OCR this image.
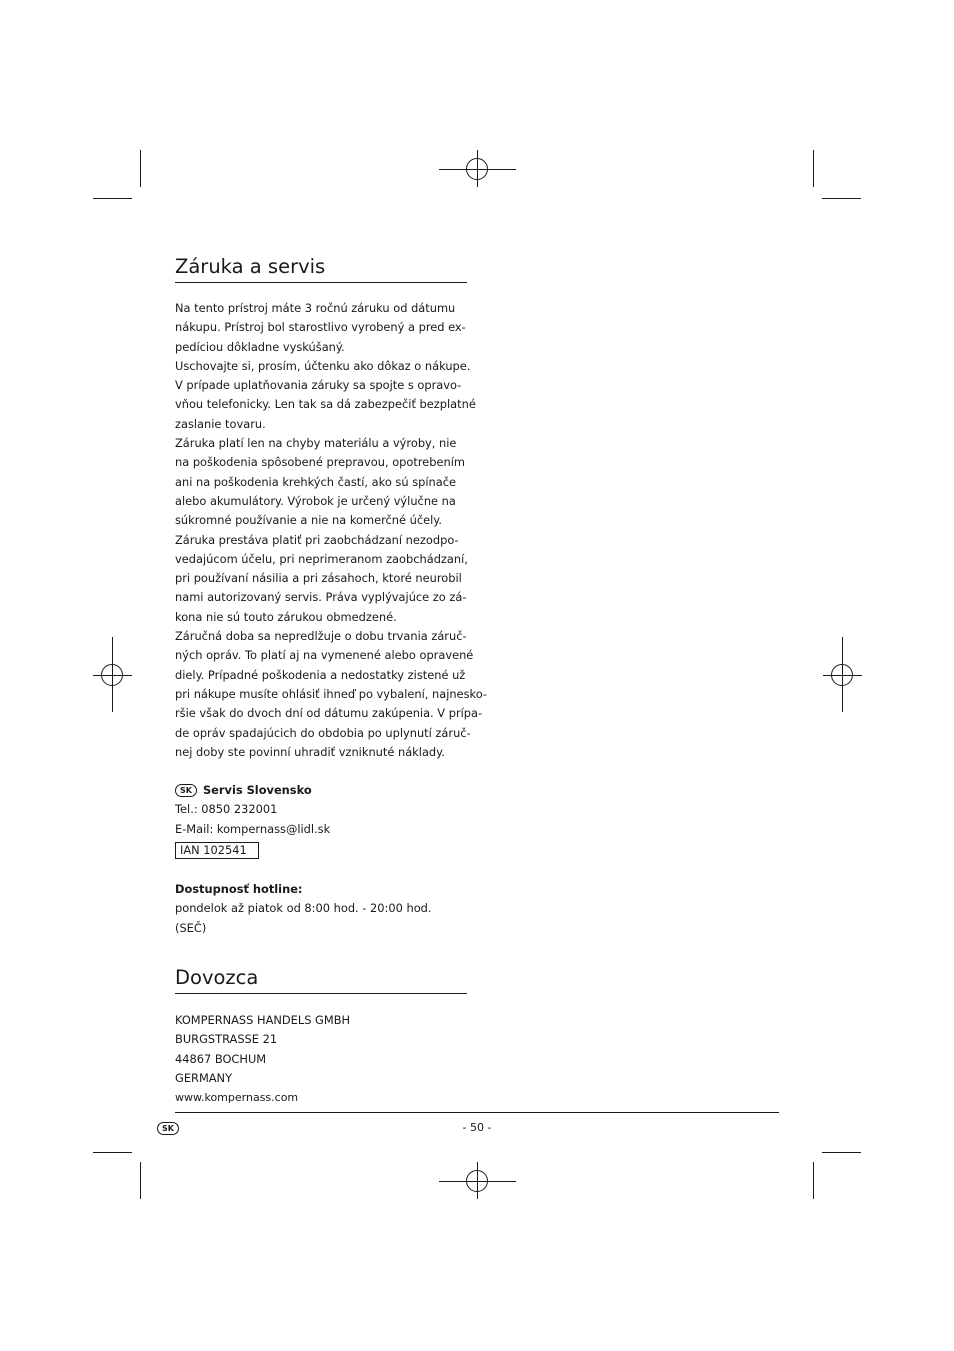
Záruka a servis

Na tento prístroj máte 3 ročnú záruku od dátumu

nákupu. Prístroj bol starostlivo vyrobený a pred ex-

pedíciou dôkladne vyskúšaný.

Uschovajte si, prosím, účtenku ako dôkaz o nákupe.

V prípade uplatňovania záruky sa spojte s opravo-

vňou telefonicky. Len tak sa dá zabezpečiť bezplatné

zaslanie tovaru.

Záruka platí len na chyby materiálu a výroby, nie

na poškodenia spôsobené prepravou, opotrebením

ani na poškodenia krehkých častí, ako sú spínače

alebo akumulátory. Výrobok je určený výlučne na

súkromné používanie a nie na komerčné účely.

Záruka prestáva platiť pri zaobchádzaní nezodpo-

vedajúcom účelu, pri neprimeranom zaobchádzaní,

pri používaní násilia a pri zásahoch, ktoré neurobil

nami autorizovaný servis. Práva vyplývajúce zo zá-

kona nie sú touto zárukou obmedzené.

Záručná doba sa nepredlžuje o dobu trvania záruč-

ných opráv. To platí aj na vymenené alebo opravené

diely. Prípadné poškodenia a nedostatky zistené už

pri nákupe musíte ohlásiť ihneď po vybalení, najnesko-

ršie však do dvoch dní od dátumu zakúpenia. V prípa-

de opráv spadajúcich do obdobia po uplynutí záruč-

nej doby ste povinní uhradiť vzniknuté náklady.

SK Servis Slovensko

Tel.: 0850 232001

E-Mail: kompernass@lidl.sk

IAN 102541

Dostupnosť hotline:

pondelok až piatok od 8:00 hod. - 20:00 hod.

(SEČ)

Dovozca

KOMPERNASS HANDELS GMBH

BURGSTRASSE 21

44867 BOCHUM

GERMANY

www.kompernass.com

SK	- 50 -
